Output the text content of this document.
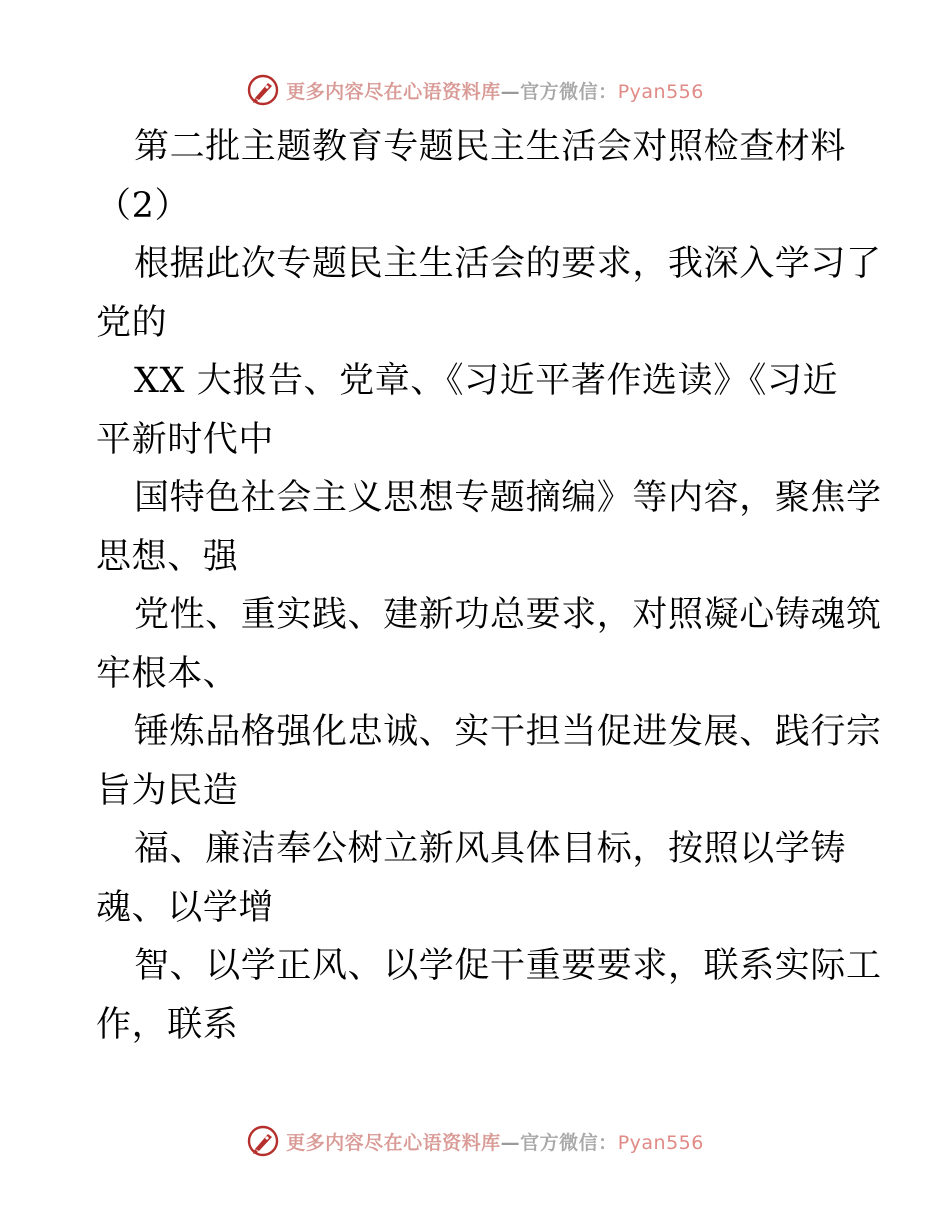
更多内容尽在心语资料库—官方微信：Pyan556
第二批主题教育专题民主生活会对照检查材料
（2）
根据此次专题民主生活会的要求，我深入学习了
党的
XX 大报告、党章、《习近平著作选读》《习近
平新时代中
国特色社会主义思想专题摘编》等内容，聚焦学
思想、强
党性、重实践、建新功总要求，对照凝心铸魂筑
牢根本、
锤炼品格强化忠诚、实干担当促进发展、践行宗
旨为民造
福、廉洁奉公树立新风具体目标，按照以学铸
魂、以学增
智、以学正风、以学促干重要要求，联系实际工
作，联系
更多内容尽在心语资料库—官方微信：Pyan556
